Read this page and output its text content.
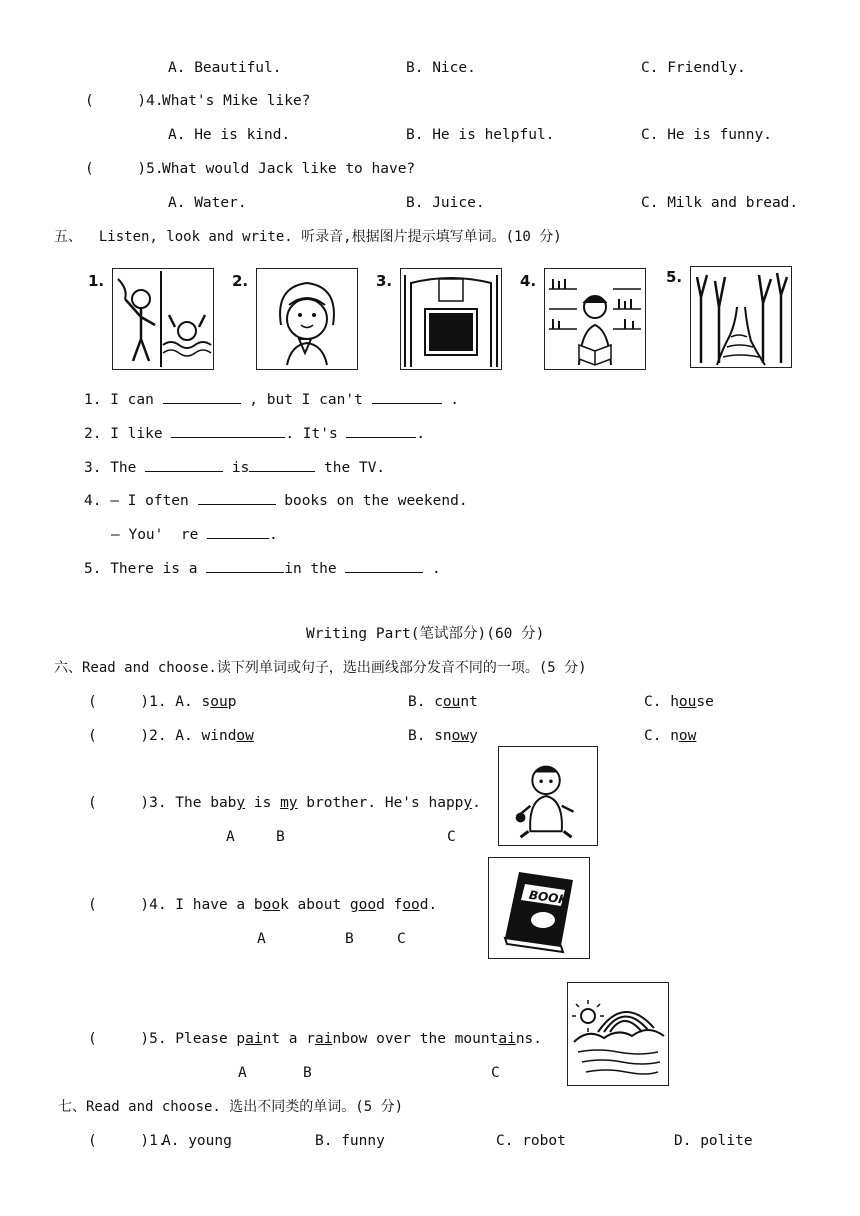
A. Beautiful.	B. Nice.	C. Friendly.
(     )4.
What's Mike like?
A. He is kind.	B. He is helpful.	C. He is funny.
(     )5.
What would Jack like to have?
A. Water.	B. Juice.	C. Milk and bread.
五、  Listen, look and write. 听录音,根据图片提示填写单词。(10 分)
1.	2.	3.	4.	5.
1. I can	, but I can't	.
2. I like	. It's	.
3. The	is	the TV.
4. — I often	books on the weekend.
— You'  re	.
5. There is a	in the	.
Writing Part(笔试部分)(60 分)
六、Read and choose.读下列单词或句子，选出画线部分发音不同的一项。(5 分)
(     )1. A. soup	B. count	C. house
(     )2. A. window	B. snowy	C. now
(     )3. The baby is my brother. He's happy.
A	B	C
(     )4. I have a book about good food.
A	B	C
BOOK
(     )5. Please paint a rainbow over the mountains.
A	B	C
七、Read and choose. 选出不同类的单词。(5 分)
(     )1.
A. young	B. funny	C. robot	D. polite
